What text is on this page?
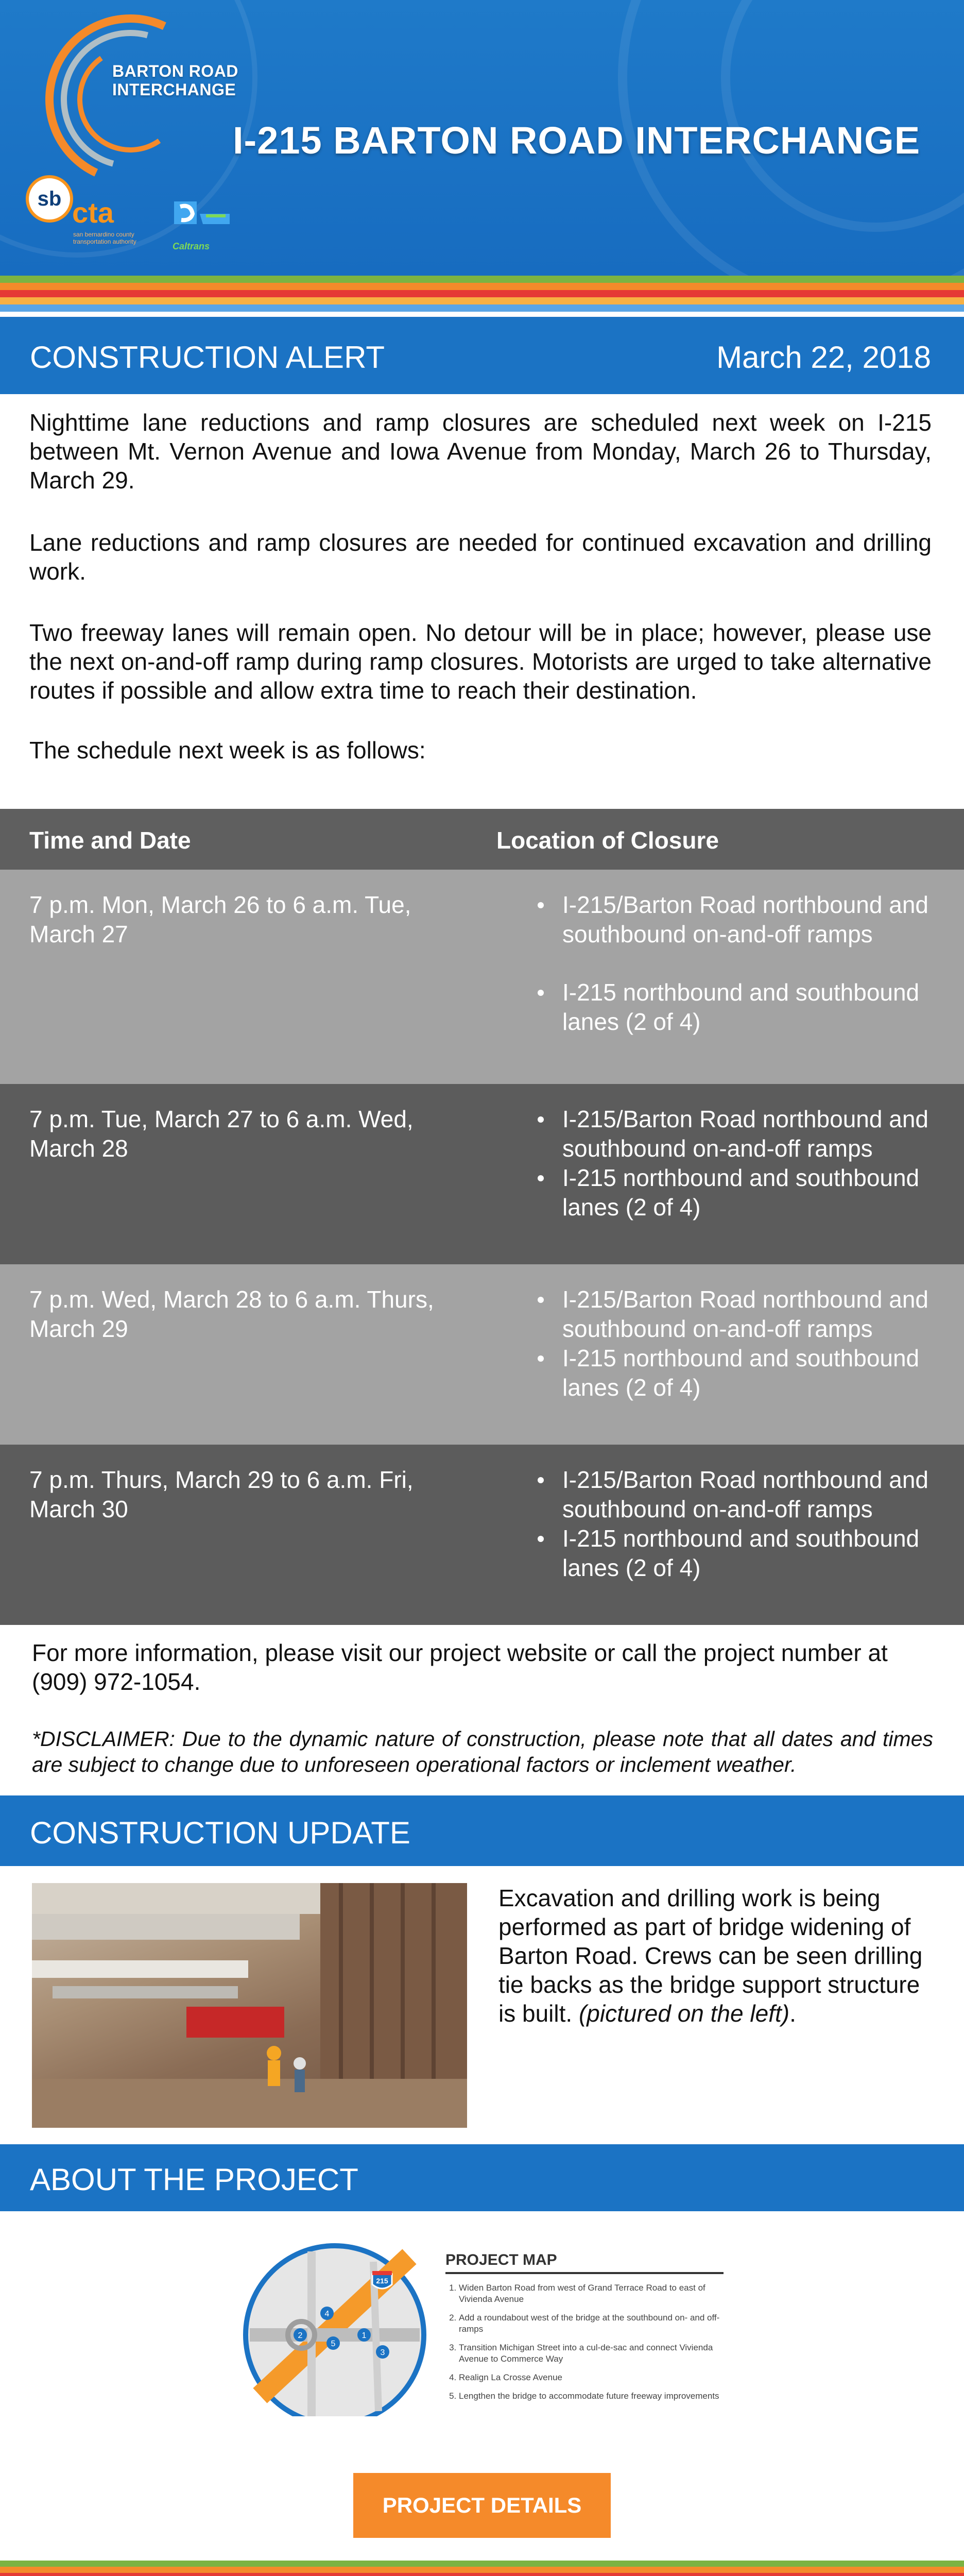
BARTON ROAD
INTERCHANGE
I-215 BARTON ROAD INTERCHANGE
sb cta
san bernardino county transportation authority	Caltrans
CONSTRUCTION ALERT	March 22, 2018
Nighttime lane reductions and ramp closures are scheduled next week on I-215 between Mt. Vernon Avenue and Iowa Avenue from Monday, March 26 to Thursday, March 29.
Lane reductions and ramp closures are needed for continued excavation and drilling work.
Two freeway lanes will remain open. No detour will be in place; however, please use the next on-and-off ramp during ramp closures. Motorists are urged to take alternative routes if possible and allow extra time to reach their destination.
The schedule next week is as follows:
Time and Date	Location of Closure
7 p.m. Mon, March 26 to 6 a.m. Tue, March 27
I-215/Barton Road northbound and southbound on-and-off ramps
I-215 northbound and southbound lanes (2 of 4)
7 p.m. Tue, March 27 to 6 a.m. Wed, March 28
I-215/Barton Road northbound and southbound on-and-off ramps
I-215 northbound and southbound lanes (2 of 4)
7 p.m. Wed, March 28 to 6 a.m. Thurs, March 29
I-215/Barton Road northbound and southbound on-and-off ramps
I-215 northbound and southbound lanes (2 of 4)
7 p.m. Thurs, March 29 to 6 a.m. Fri, March 30
I-215/Barton Road northbound and southbound on-and-off ramps
I-215 northbound and southbound lanes (2 of 4)
For more information, please visit our project website or call the project number at (909) 972-1054.
*DISCLAIMER: Due to the dynamic nature of construction, please note that all dates and times are subject to change due to unforeseen operational factors or inclement weather.
CONSTRUCTION UPDATE
Excavation and drilling work is being performed as part of bridge widening of Barton Road. Crews can be seen drilling tie backs as the bridge support structure is built. (pictured on the left).
ABOUT THE PROJECT
2	1
3
4
5
215
PROJECT MAP
1. Widen Barton Road from west of Grand Terrace Road to east of Vivienda Avenue
2. Add a roundabout west of the bridge at the southbound on- and off-ramps
3. Transition Michigan Street into a cul-de-sac and connect Vivienda Avenue to Commerce Way
4. Realign La Crosse Avenue
5. Lengthen the bridge to accommodate future freeway improvements
PROJECT DETAILS
